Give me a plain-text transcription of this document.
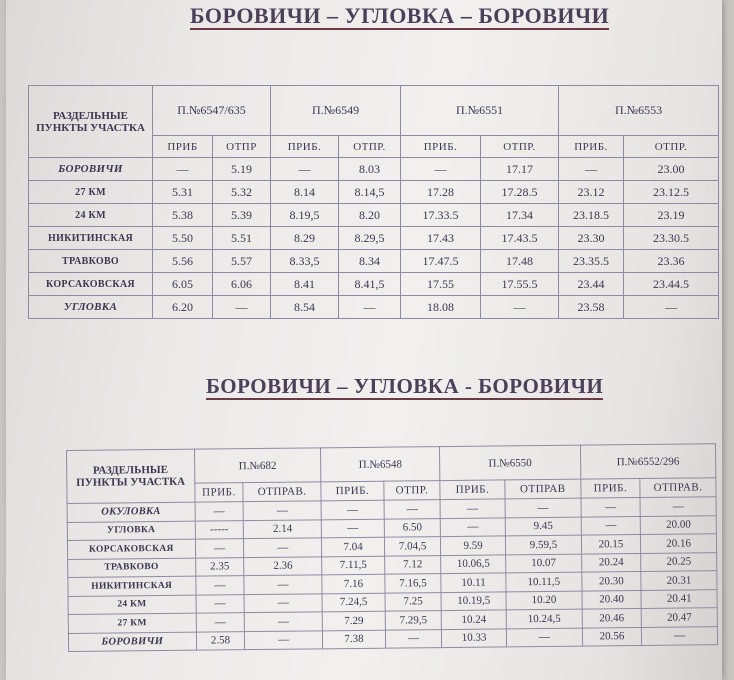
БОРОВИЧИ – УГЛОВКА – БОРОВИЧИ
РАЗДЕЛЬНЫЕ ПУНКТЫ УЧАСТКА	П.№6547/635		П.№6549		П.№6551		П.№6553	
	ПРИБ	ОТПР	ПРИБ.	ОТПР.	ПРИБ.	ОТПР.	ПРИБ.	ОТПР.
БОРОВИЧИ	—	5.19	—	8.03	—	17.17	—	23.00
27 КМ	5.31	5.32	8.14	8.14,5	17.28	17.28.5	23.12	23.12.5
24 КМ	5.38	5.39	8.19,5	8.20	17.33.5	17.34	23.18.5	23.19
НИКИТИНСКАЯ	5.50	5.51	8.29	8.29,5	17.43	17.43.5	23.30	23.30.5
ТРАВКОВО	5.56	5.57	8.33,5	8.34	17.47.5	17.48	23.35.5	23.36
КОРСАКОВСКАЯ	6.05	6.06	8.41	8.41,5	17.55	17.55.5	23.44	23.44.5
УГЛОВКА	6.20	—	8.54	—	18.08	—	23.58	—
БОРОВИЧИ – УГЛОВКА - БОРОВИЧИ
РАЗДЕЛЬНЫЕ ПУНКТЫ УЧАСТКА	П.№682		П.№6548		П.№6550		П.№6552/296	
	ПРИБ.	ОТПРАВ.	ПРИБ.	ОТПР.	ПРИБ.	ОТПРАВ	ПРИБ.	ОТПРАВ.
ОКУЛОВКА	—	—	—	—	—	—	—	—
УГЛОВКА	-----	2.14	—	6.50	—	9.45	—	20.00
КОРСАКОВСКАЯ	—	—	7.04	7.04,5	9.59	9.59,5	20.15	20.16
ТРАВКОВО	2.35	2.36	7.11,5	7.12	10.06,5	10.07	20.24	20.25
НИКИТИНСКАЯ	—	—	7.16	7.16,5	10.11	10.11,5	20.30	20.31
24 КМ	—	—	7.24,5	7.25	10.19,5	10.20	20.40	20.41
27 КМ	—	—	7.29	7.29,5	10.24	10.24,5	20.46	20.47
БОРОВИЧИ	2.58	—	7.38	—	10.33	—	20.56	—
